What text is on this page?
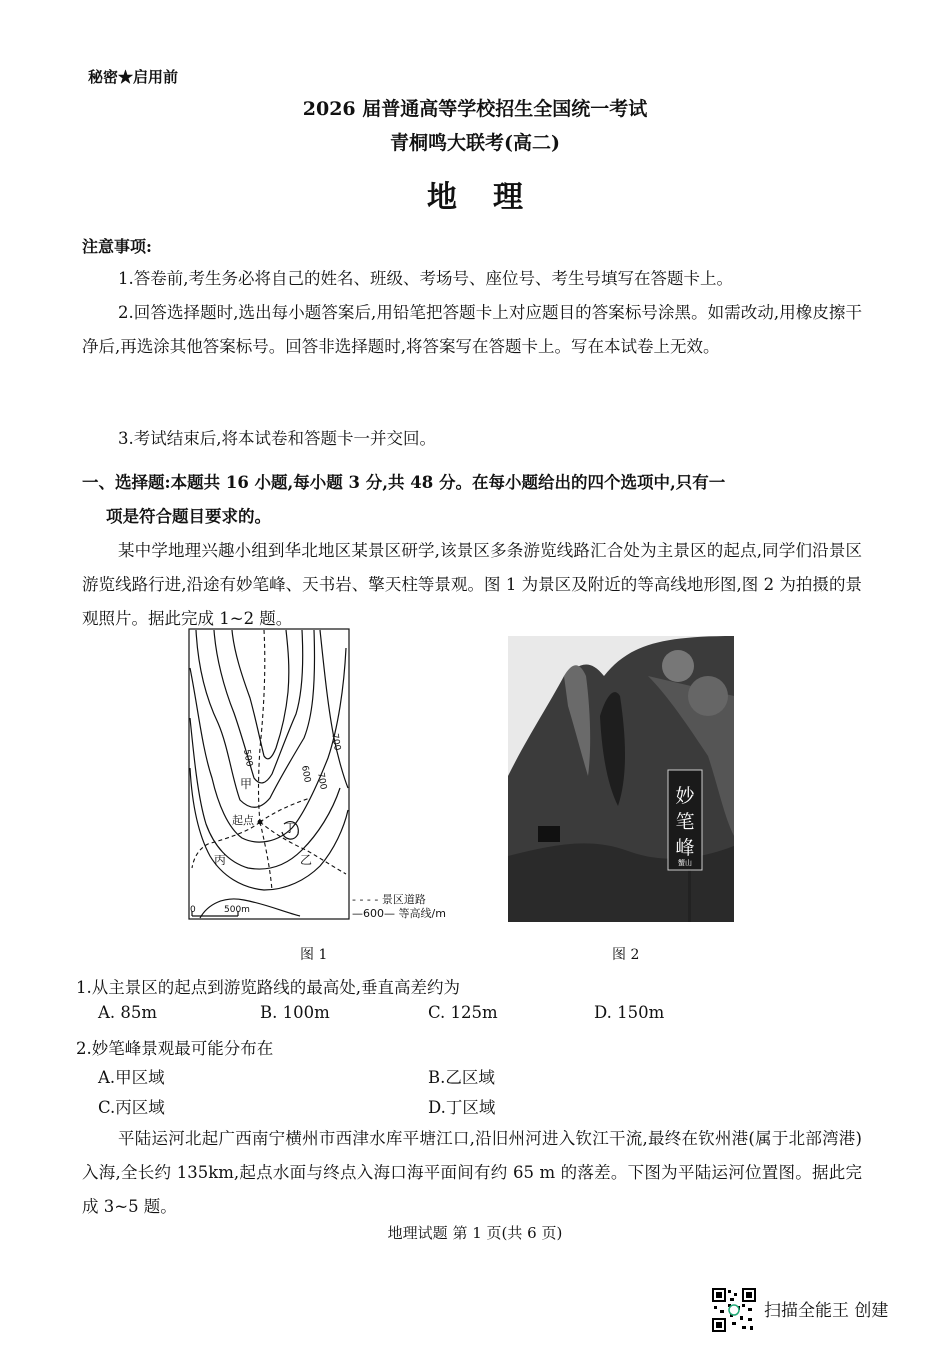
秘密★启用前
2026 届普通高等学校招生全国统一考试
青桐鸣大联考(高二)
地理
注意事项:
1.答卷前,考生务必将自己的姓名、班级、考场号、座位号、考生号填写在答题卡上。
2.回答选择题时,选出每小题答案后,用铅笔把答题卡上对应题目的答案标号涂黑。如需改动,用橡皮擦干净后,再选涂其他答案标号。回答非选择题时,将答案写在答题卡上。写在本试卷上无效。
3.考试结束后,将本试卷和答题卡一并交回。
一、选择题:本题共 16 小题,每小题 3 分,共 48 分。在每小题给出的四个选项中,只有一
项是符合题目要求的。
某中学地理兴趣小组到华北地区某景区研学,该景区多条游览线路汇合处为主景区的起点,同学们沿景区游览线路行进,沿途有妙笔峰、天书岩、擎天柱等景观。图 1 为景区及附近的等高线地形图,图 2 为拍摄的景观照片。据此完成 1~2 题。
500
600
700
700
甲
乙
丙
丁
起点
0	500m
- - - - 景区道路
—600— 等高线/m
图 1
妙
笔
峰
蟹山
图 2
1.从主景区的起点到游览路线的最高处,垂直高差约为
A. 85m	B. 100m	C. 125m	D. 150m
2.妙笔峰景观最可能分布在
A.甲区域	B.乙区域
C.丙区域	D.丁区域
平陆运河北起广西南宁横州市西津水库平塘江口,沿旧州河进入钦江干流,最终在钦州港(属于北部湾港)入海,全长约 135km,起点水面与终点入海口海平面间有约 65 m 的落差。下图为平陆运河位置图。据此完成 3~5 题。
地理试题 第 1 页(共 6 页)
扫描全能王 创建
